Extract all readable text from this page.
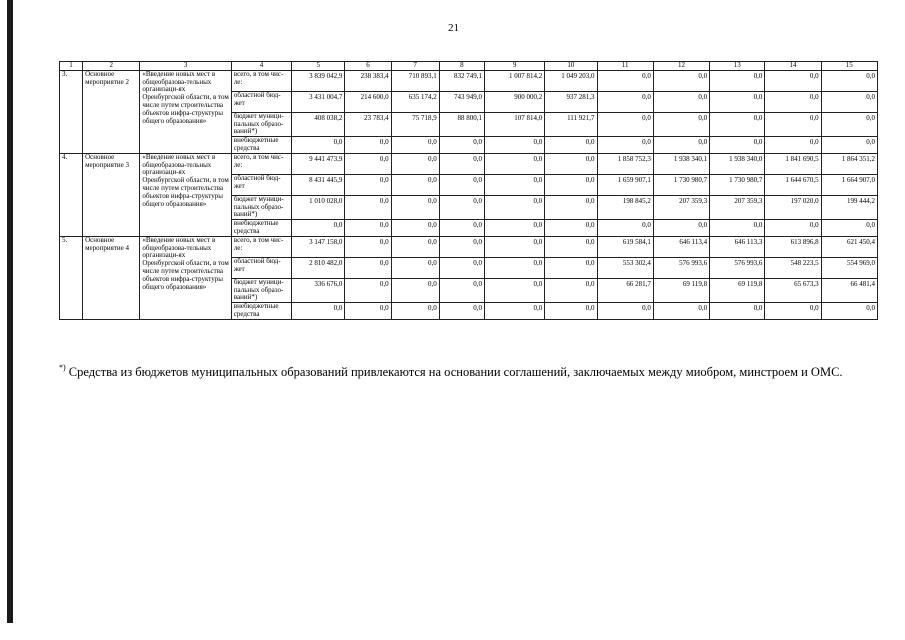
21
1	2	3	4	5	6	7	8	9	10	11	12	13	14	15
3.	Основное мероприятие 2	«Введение новых мест в общеобразова-тельных организаци-ях Оренбургской области, в том числе путем строительства объектов инфра-структуры общего образования»	всего, в том чис-ле:	3 839 042,9	238 383,4	710 893,1	832 749,1	1 007 814,2	1 049 203,0	0,0	0,0	0,0	0,0	0,0
			областной бюд-жет	3 431 004,7	214 600,0	635 174,2	743 949,0	900 000,2	937 281,3	0,0	0,0	0,0	0,0	0,0
			бюджет муници-пальных образо-ваний*)	408 038,2	23 783,4	75 718,9	88 800,1	107 814,0	111 921,7	0,0	0,0	0,0	0,0	0,0
			внебюджетные средства	0,0	0,0	0,0	0,0	0,0	0,0	0,0	0,0	0,0	0,0	0,0
4.	Основное мероприятие 3	«Введение новых мест в общеобразова-тельных организаци-ях Оренбургской области, в том числе путем строительства объектов инфра-структуры общего образования»	всего, в том чис-ле:	9 441 473,9	0,0	0,0	0,0	0,0	0,0	1 858 752,3	1 938 340,1	1 938 340,0	1 841 690,5	1 864 351,2
			областной бюд-жет	8 431 445,9	0,0	0,0	0,0	0,0	0,0	1 659 907,1	1 730 980,7	1 730 980,7	1 644 670,5	1 664 907,0
			бюджет муници-пальных образо-ваний*)	1 010 028,0	0,0	0,0	0,0	0,0	0,0	198 845,2	207 359,3	207 359,3	197 020,0	199 444,2
			внебюджетные средства	0,0	0,0	0,0	0,0	0,0	0,0	0,0	0,0	0,0	0,0	0,0
5.	Основное мероприятие 4	«Введение новых мест в общеобразова-тельных организаци-ях Оренбургской области, в том числе путем строительства объектов инфра-структуры общего образования»	всего, в том чис-ле:	3 147 158,0	0,0	0,0	0,0	0,0	0,0	619 584,1	646 113,4	646 113,3	613 896,8	621 450,4
			областной бюд-жет	2 810 482,0	0,0	0,0	0,0	0,0	0,0	553 302,4	576 993,6	576 993,6	548 223,5	554 969,0
			бюджет муници-пальных образо-ваний*)	336 676,0	0,0	0,0	0,0	0,0	0,0	66 281,7	69 119,8	69 119,8	65 673,3	66 481,4
			внебюджетные средства	0,0	0,0	0,0	0,0	0,0	0,0	0,0	0,0	0,0	0,0	0,0
*) Средства из бюджетов муниципальных образований привлекаются на основании соглашений, заключаемых между миобром, минстроем и ОМС.
